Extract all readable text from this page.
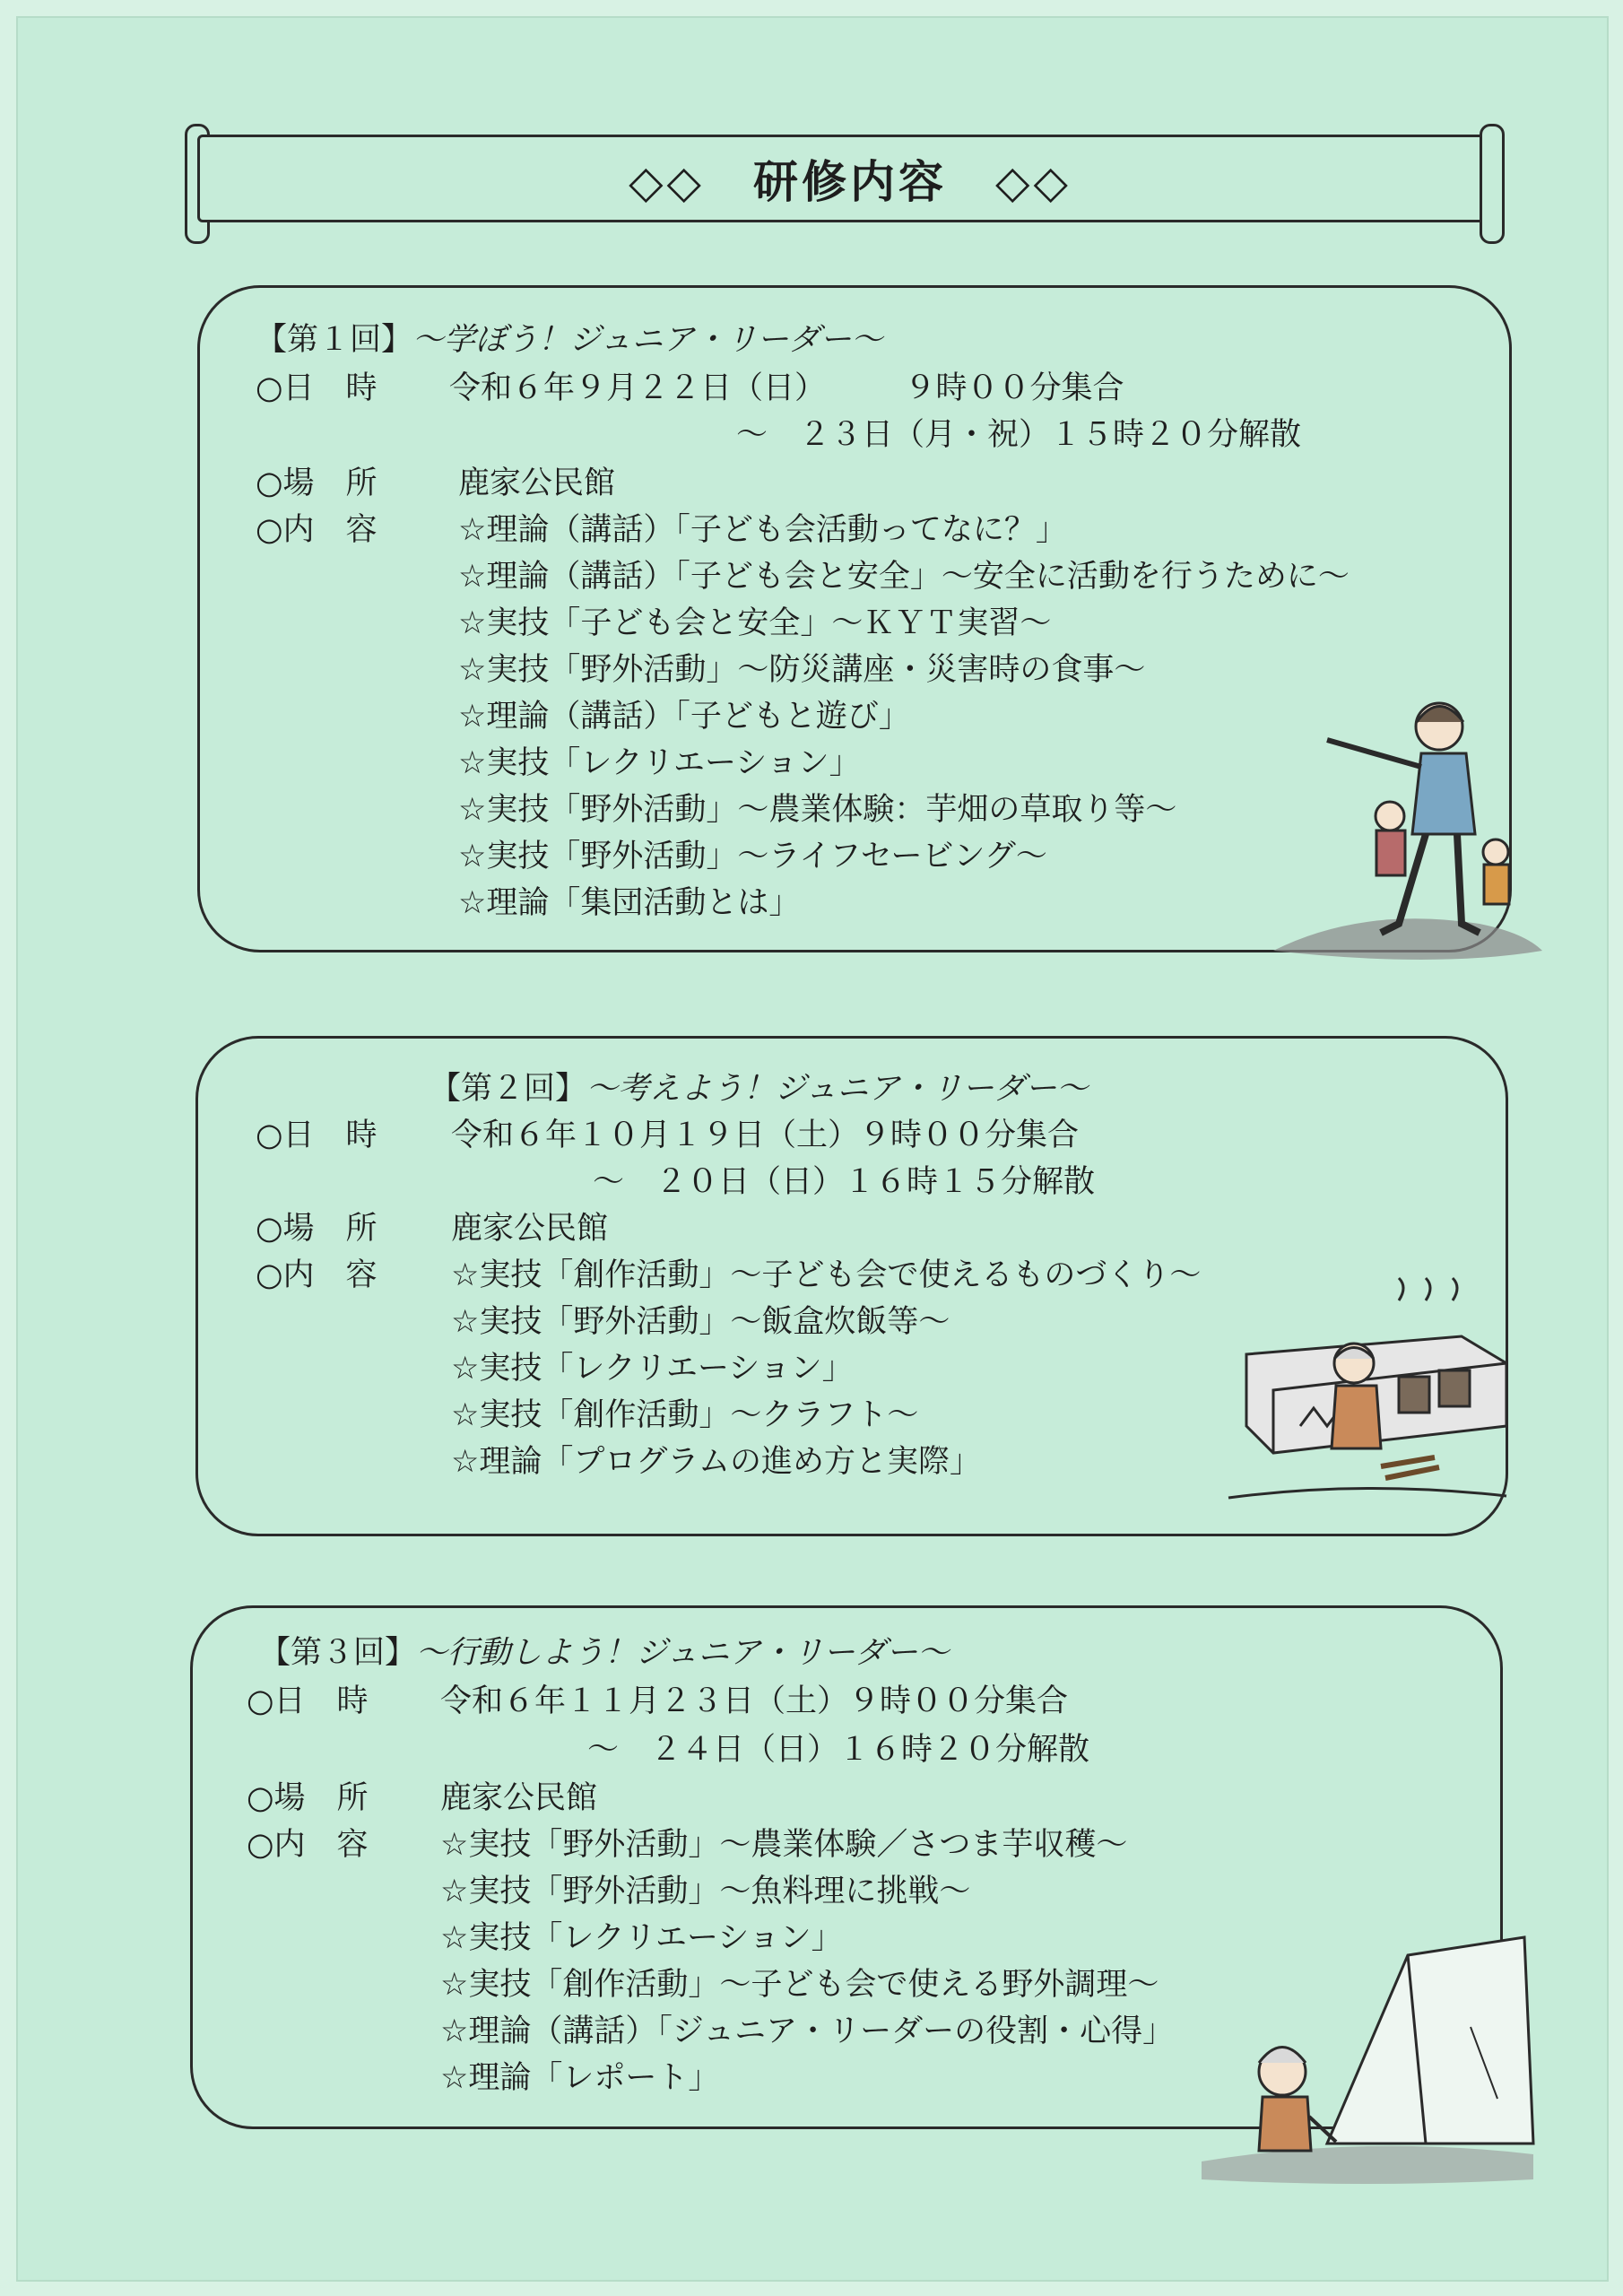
◇◇　研修内容　◇◇
【第１回】～学ぼう！ジュニア・リーダー～
○日　時 令和６年９月２２日（日）　　　９時００分集合
～　２３日（月・祝）１５時２０分解散
○場　所	鹿家公民館
○内　容	☆理論（講話）「子ども会活動ってなに？」
☆理論（講話）「子ども会と安全」～安全に活動を行うために～
☆実技「子ども会と安全」～ＫＹＴ実習～
☆実技「野外活動」～防災講座・災害時の食事～
☆理論（講話）「子どもと遊び」
☆実技「レクリエーション」
☆実技「野外活動」～農業体験：芋畑の草取り等～
☆実技「野外活動」～ライフセービング～
☆理論「集団活動とは」
【第２回】～考えよう！ジュニア・リーダー～
○日　時 令和６年１０月１９日（土）９時００分集合
～　２０日（日）１６時１５分解散
○場　所 鹿家公民館
○内　容 ☆実技「創作活動」～子ども会で使えるものづくり～
☆実技「野外活動」～飯盒炊飯等～
☆実技「レクリエーション」
☆実技「創作活動」～クラフト～
☆理論「プログラムの進め方と実際」
【第３回】～行動しよう！ジュニア・リーダー～
○日　時 令和６年１１月２３日（土）９時００分集合
～　２４日（日）１６時２０分解散
○場　所 鹿家公民館
○内　容 ☆実技「野外活動」～農業体験／さつま芋収穫～
☆実技「野外活動」～魚料理に挑戦～
☆実技「レクリエーション」
☆実技「創作活動」～子ども会で使える野外調理～
☆理論（講話）「ジュニア・リーダーの役割・心得」
☆理論「レポート」
